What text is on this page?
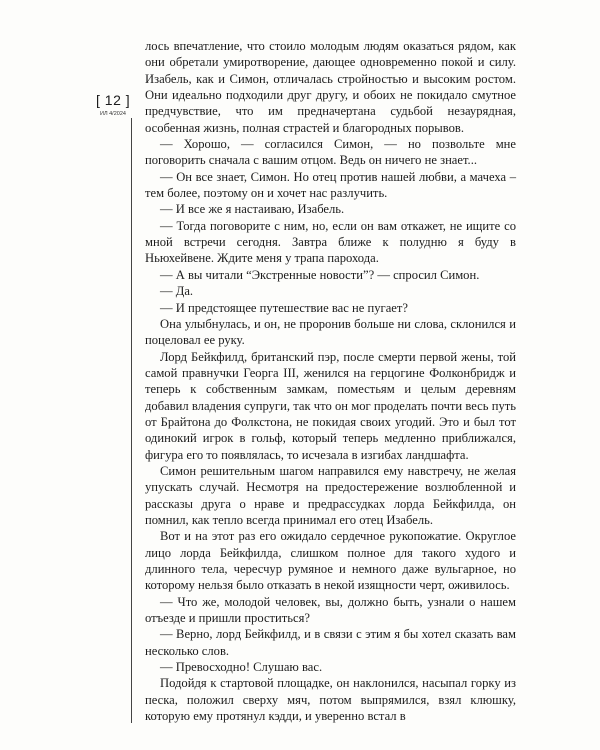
[ 12 ]
ИЛ 4/2024

лось впечатление, что стоило молодым людям оказаться рядом, как они обретали умиротворение, дающее одновременно покой и силу. Изабель, как и Симон, отличалась стройностью и высоким ростом. Они идеально подходили друг другу, и обоих не покидало смутное предчувствие, что им предначертана судьбой незаурядная, особенная жизнь, полная страстей и благородных порывов.

— Хорошо, — согласился Симон, — но позвольте мне поговорить сначала с вашим отцом. Ведь он ничего не знает...

— Он все знает, Симон. Но отец против нашей любви, а мачеха – тем более, поэтому он и хочет нас разлучить.

— И все же я настаиваю, Изабель.

— Тогда поговорите с ним, но, если он вам откажет, не ищите со мной встречи сегодня. Завтра ближе к полудню я буду в Ньюхейвене. Ждите меня у трапа парохода.

— А вы читали “Экстренные новости”? — спросил Симон.

— Да.

— И предстоящее путешествие вас не пугает?

Она улыбнулась, и он, не проронив больше ни слова, склонился и поцеловал ее руку.

Лорд Бейкфилд, британский пэр, после смерти первой жены, той самой правнучки Георга III, женился на герцогине Фолконбридж и теперь к собственным замкам, поместьям и целым деревням добавил владения супруги, так что он мог проделать почти весь путь от Брайтона до Фолкстона, не покидая своих угодий. Это и был тот одинокий игрок в гольф, который теперь медленно приближался, фигура его то появлялась, то исчезала в изгибах ландшафта.

Симон решительным шагом направился ему навстречу, не желая упускать случай. Несмотря на предостережение возлюбленной и рассказы друга о нраве и предрассудках лорда Бейкфилда, он помнил, как тепло всегда принимал его отец Изабель.

Вот и на этот раз его ожидало сердечное рукопожатие. Округлое лицо лорда Бейкфилда, слишком полное для такого худого и длинного тела, чересчур румяное и немного даже вульгарное, но которому нельзя было отказать в некой изящности черт, оживилось.

— Что же, молодой человек, вы, должно быть, узнали о нашем отъезде и пришли проститься?

— Верно, лорд Бейкфилд, и в связи с этим я бы хотел сказать вам несколько слов.

— Превосходно! Слушаю вас.

Подойдя к стартовой площадке, он наклонился, насыпал горку из песка, положил сверху мяч, потом выпрямился, взял клюшку, которую ему протянул кэдди, и уверенно встал в
